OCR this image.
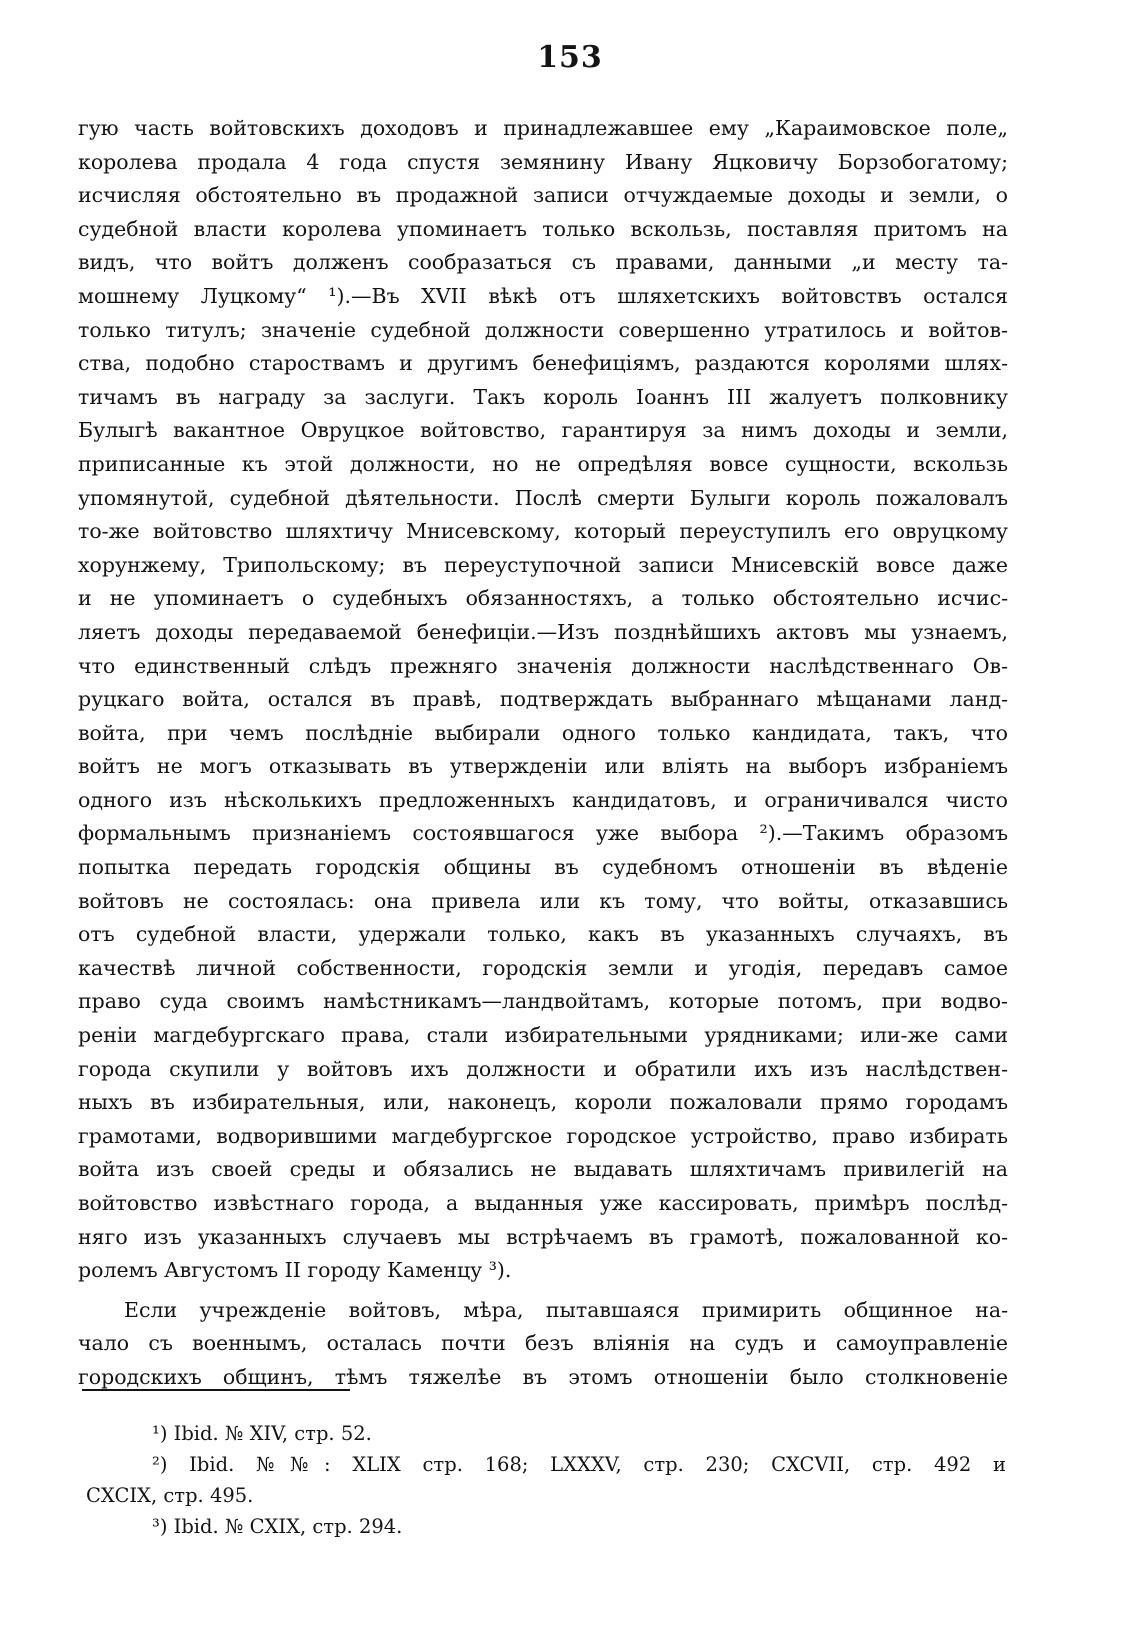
153
гую часть войтовскихъ доходовъ и принадлежавшее ему „Караимовское поле„
королева продала 4 года спустя земянину Ивану Яцковичу Борзобогатому;
исчисляя обстоятельно въ продажной записи отчуждаемые доходы и земли, о
судебной власти королева упоминаетъ только вскользь, поставляя притомъ на
видъ, что войтъ долженъ сообразаться съ правами, данными „и месту та-
мошнему Луцкому“ ¹).—Въ XVII вѣкѣ отъ шляхетскихъ войтовствъ остался
только титулъ; значеніе судебной должности совершенно утратилось и войтов-
ства, подобно староствамъ и другимъ бенефиціямъ, раздаются королями шлях-
тичамъ въ награду за заслуги. Такъ король Іоаннъ III жалуетъ полковнику
Булыгѣ вакантное Овруцкое войтовство, гарантируя за нимъ доходы и земли,
приписанные къ этой должности, но не опредѣляя вовсе сущности, вскользь
упомянутой, судебной дѣятельности. Послѣ смерти Булыги король пожаловалъ
то-же войтовство шляхтичу Мнисевскому, который переуступилъ его овруцкому
хорунжему, Трипольскому; въ переуступочной записи Мнисевскій вовсе даже
и не упоминаетъ о судебныхъ обязанностяхъ, а только обстоятельно исчис-
ляетъ доходы передаваемой бенефиціи.—Изъ позднѣйшихъ актовъ мы узнаемъ,
что единственный слѣдъ прежняго значенія должности наслѣдственнаго Ов-
руцкаго войта, остался въ правѣ, подтверждать выбраннаго мѣщанами ланд-
войта, при чемъ послѣдніе выбирали одного только кандидата, такъ, что
войтъ не могъ отказывать въ утвержденіи или вліять на выборъ избраніемъ
одного изъ нѣсколькихъ предложенныхъ кандидатовъ, и ограничивался чисто
формальнымъ признаніемъ состоявшагося уже выбора ²).—Такимъ образомъ
попытка передать городскія общины въ судебномъ отношеніи въ вѣденіе
войтовъ не состоялась: она привела или къ тому, что войты, отказавшись
отъ судебной власти, удержали только, какъ въ указанныхъ случаяхъ, въ
качествѣ личной собственности, городскія земли и угодія, передавъ самое
право суда своимъ намѣстникамъ—ландвойтамъ, которые потомъ, при водво-
реніи магдебургскаго права, стали избирательными урядниками; или-же сами
города скупили у войтовъ ихъ должности и обратили ихъ изъ наслѣдствен-
ныхъ въ избирательныя, или, наконецъ, короли пожаловали прямо городамъ
грамотами, водворившими магдебургское городское устройство, право избирать
войта изъ своей среды и обязались не выдавать шляхтичамъ привилегій на
войтовство извѣстнаго города, а выданныя уже кассировать, примѣръ послѣд-
няго изъ указанныхъ случаевъ мы встрѣчаемъ въ грамотѣ, пожалованной ко-
ролемъ Августомъ II городу Каменцу ³).
Если учрежденіе войтовъ, мѣра, пытавшаяся примирить общинное на-
чало съ военнымъ, осталась почти безъ вліянія на судъ и самоуправленіе
городскихъ общинъ, тѣмъ тяжелѣе въ этомъ отношеніи было столкновеніе
¹) Ibid. № XIV, стр. 52.
²) Ibid. №№: XLIX стр. 168; LXXXV, стр. 230; CXCVII, стр. 492 и
CXCIX, стр. 495.
³) Ibid. № CXIX, стр. 294.
